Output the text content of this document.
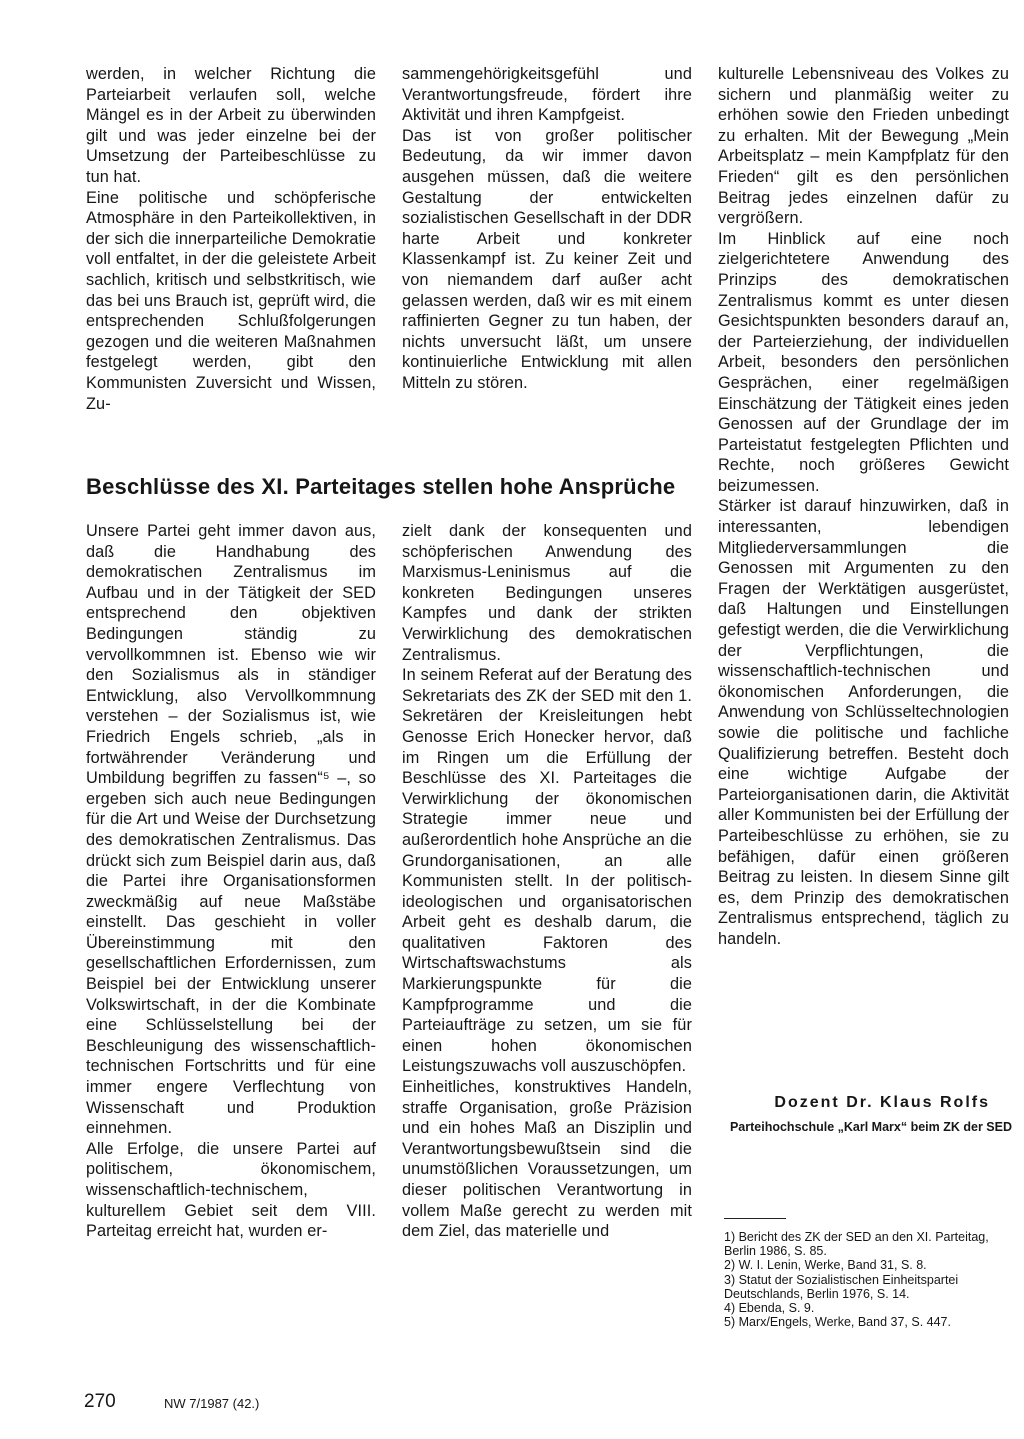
werden, in welcher Richtung die Parteiarbeit verlaufen soll, welche Mängel es in der Arbeit zu überwinden gilt und was jeder einzelne bei der Umsetzung der Parteibeschlüsse zu tun hat.

Eine politische und schöpferische Atmosphäre in den Parteikollektiven, in der sich die innerparteiliche Demokratie voll entfaltet, in der die geleistete Arbeit sachlich, kritisch und selbstkritisch, wie das bei uns Brauch ist, geprüft wird, die entsprechenden Schlußfolgerungen gezogen und die weiteren Maßnahmen festgelegt werden, gibt den Kommunisten Zuversicht und Wissen, Zu-

sammengehörigkeitsgefühl und Verantwortungsfreude, fördert ihre Aktivität und ihren Kampfgeist.

Das ist von großer politischer Bedeutung, da wir immer davon ausgehen müssen, daß die weitere Gestaltung der entwickelten sozialistischen Gesellschaft in der DDR harte Arbeit und konkreter Klassenkampf ist. Zu keiner Zeit und von niemandem darf außer acht gelassen werden, daß wir es mit einem raffinierten Gegner zu tun haben, der nichts unversucht läßt, um unsere kontinuierliche Entwicklung mit allen Mitteln zu stören.

kulturelle Lebensniveau des Volkes zu sichern und planmäßig weiter zu erhöhen sowie den Frieden unbedingt zu erhalten. Mit der Bewegung „Mein Arbeitsplatz – mein Kampfplatz für den Frieden“ gilt es den persönlichen Beitrag jedes einzelnen dafür zu vergrößern.

Im Hinblick auf eine noch zielgerichtetere Anwendung des Prinzips des demokratischen Zentralismus kommt es unter diesen Gesichtspunkten besonders darauf an, der Parteierziehung, der individuellen Arbeit, besonders den persönlichen Gesprächen, einer regelmäßigen Einschätzung der Tätigkeit eines jeden Genossen auf der Grundlage der im Parteistatut festgelegten Pflichten und Rechte, noch größeres Gewicht beizumessen.

Stärker ist darauf hinzuwirken, daß in interessanten, lebendigen Mitgliederversammlungen die Genossen mit Argumenten zu den Fragen der Werktätigen ausgerüstet, daß Haltungen und Einstellungen gefestigt werden, die die Verwirklichung der Verpflichtungen, die wissenschaftlich-technischen und ökonomischen Anforderungen, die Anwendung von Schlüsseltechnologien sowie die politische und fachliche Qualifizierung betreffen. Besteht doch eine wichtige Aufgabe der Parteiorganisationen darin, die Aktivität aller Kommunisten bei der Erfüllung der Parteibeschlüsse zu erhöhen, sie zu befähigen, dafür einen größeren Beitrag zu leisten. In diesem Sinne gilt es, dem Prinzip des demokratischen Zentralismus entsprechend, täglich zu handeln.

Beschlüsse des XI. Parteitages stellen hohe Ansprüche

Unsere Partei geht immer davon aus, daß die Handhabung des demokratischen Zentralismus im Aufbau und in der Tätigkeit der SED entsprechend den objektiven Bedingungen ständig zu vervollkommnen ist. Ebenso wie wir den Sozialismus als in ständiger Entwicklung, also Vervollkommnung verstehen – der Sozialismus ist, wie Friedrich Engels schrieb, „als in fortwährender Veränderung und Umbildung begriffen zu fassen“⁵ –, so ergeben sich auch neue Bedingungen für die Art und Weise der Durchsetzung des demokratischen Zentralismus. Das drückt sich zum Beispiel darin aus, daß die Partei ihre Organisationsformen zweckmäßig auf neue Maßstäbe einstellt. Das geschieht in voller Übereinstimmung mit den gesellschaftlichen Erfordernissen, zum Beispiel bei der Entwicklung unserer Volkswirtschaft, in der die Kombinate eine Schlüsselstellung bei der Beschleunigung des wissenschaftlich-technischen Fortschritts und für eine immer engere Verflechtung von Wissenschaft und Produktion einnehmen.

Alle Erfolge, die unsere Partei auf politischem, ökonomischem, wissenschaftlich-technischem, kulturellem Gebiet seit dem VIII. Parteitag erreicht hat, wurden er-

zielt dank der konsequenten und schöpferischen Anwendung des Marxismus-Leninismus auf die konkreten Bedingungen unseres Kampfes und dank der strikten Verwirklichung des demokratischen Zentralismus.

In seinem Referat auf der Beratung des Sekretariats des ZK der SED mit den 1. Sekretären der Kreisleitungen hebt Genosse Erich Honecker hervor, daß im Ringen um die Erfüllung der Beschlüsse des XI. Parteitages die Verwirklichung der ökonomischen Strategie immer neue und außerordentlich hohe Ansprüche an die Grundorganisationen, an alle Kommunisten stellt. In der politisch-ideologischen und organisatorischen Arbeit geht es deshalb darum, die qualitativen Faktoren des Wirtschaftswachstums als Markierungspunkte für die Kampfprogramme und die Parteiaufträge zu setzen, um sie für einen hohen ökonomischen Leistungszuwachs voll auszuschöpfen.

Einheitliches, konstruktives Handeln, straffe Organisation, große Präzision und ein hohes Maß an Disziplin und Verantwortungsbewußtsein sind die unumstößlichen Voraussetzungen, um dieser politischen Verantwortung in vollem Maße gerecht zu werden mit dem Ziel, das materielle und

Dozent Dr. Klaus Rolfs
Parteihochschule „Karl Marx“ beim ZK der SED
1) Bericht des ZK der SED an den XI. Parteitag, Berlin 1986, S. 85.
2) W. I. Lenin, Werke, Band 31, S. 8.
3) Statut der Sozialistischen Einheitspartei Deutschlands, Berlin 1976, S. 14.
4) Ebenda, S. 9.
5) Marx/Engels, Werke, Band 37, S. 447.
270	NW 7/1987 (42.)
